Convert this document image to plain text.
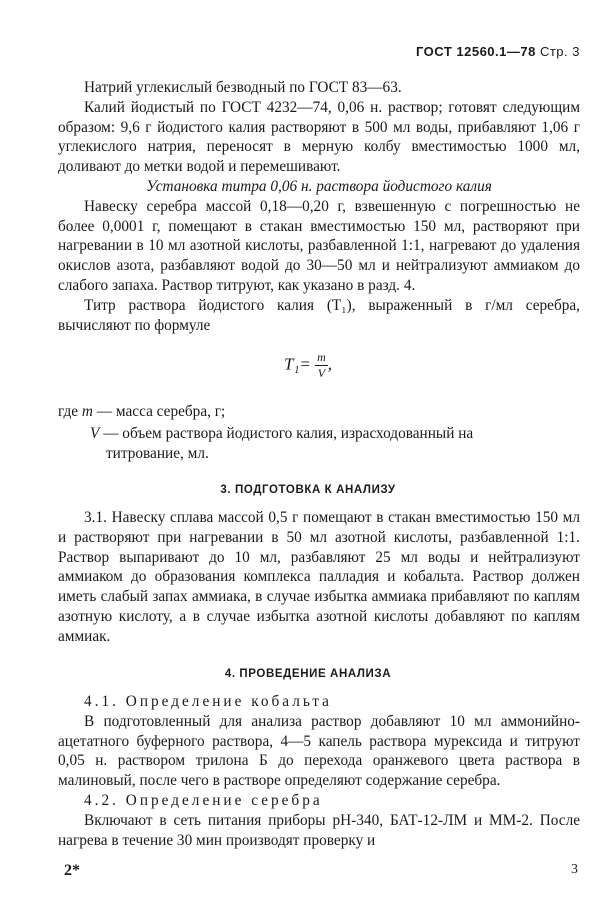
ГОСТ 12560.1—78 Стр. 3

Натрий углекислый безводный по ГОСТ 83—63.

Калий йодистый по ГОСТ 4232—74, 0,06 н. раствор; готовят следующим образом: 9,6 г йодистого калия растворяют в 500 мл воды, прибавляют 1,06 г углекислого натрия, переносят в мерную колбу вместимостью 1000 мл, доливают до метки водой и перемешивают.

Установка титра 0,06 н. раствора йодистого калия

Навеску серебра массой 0,18—0,20 г, взвешенную с погрешностью не более 0,0001 г, помещают в стакан вместимостью 150 мл, растворяют при нагревании в 10 мл азотной кислоты, разбавленной 1:1, нагревают до удаления окислов азота, разбавляют водой до 30—50 мл и нейтрализуют аммиаком до слабого запаха. Раствор титруют, как указано в разд. 4.

Титр раствора йодистого калия (T₁), выраженный в г/мл серебра, вычисляют по формуле

$T_1= \frac{m}{V}$ ,
где m — масса серебра, г;
V — объем раствора йодистого калия, израсходованный на
титрование, мл.
3. ПОДГОТОВКА К АНАЛИЗУ

3.1. Навеску сплава массой 0,5 г помещают в стакан вместимостью 150 мл и растворяют при нагревании в 50 мл азотной кислоты, разбавленной 1:1. Раствор выпаривают до 10 мл, разбавляют 25 мл воды и нейтрализуют аммиаком до образования комплекса палладия и кобальта. Раствор должен иметь слабый запах аммиака, в случае избытка аммиака прибавляют по каплям азотную кислоту, а в случае избытка азотной кислоты добавляют по каплям аммиак.

4. ПРОВЕДЕНИЕ АНАЛИЗА

4.1. Определение кобальта

В подготовленный для анализа раствор добавляют 10 мл аммонийно-ацетатного буферного раствора, 4—5 капель раствора мурексида и титруют 0,05 н. раствором трилона Б до перехода оранжевого цвета раствора в малиновый, после чего в растворе определяют содержание серебра.

4.2. Определение серебра

Включают в сеть питания приборы pH-340, БАТ-12-ЛМ и ММ-2. После нагрева в течение 30 мин производят проверку и

2*	3
